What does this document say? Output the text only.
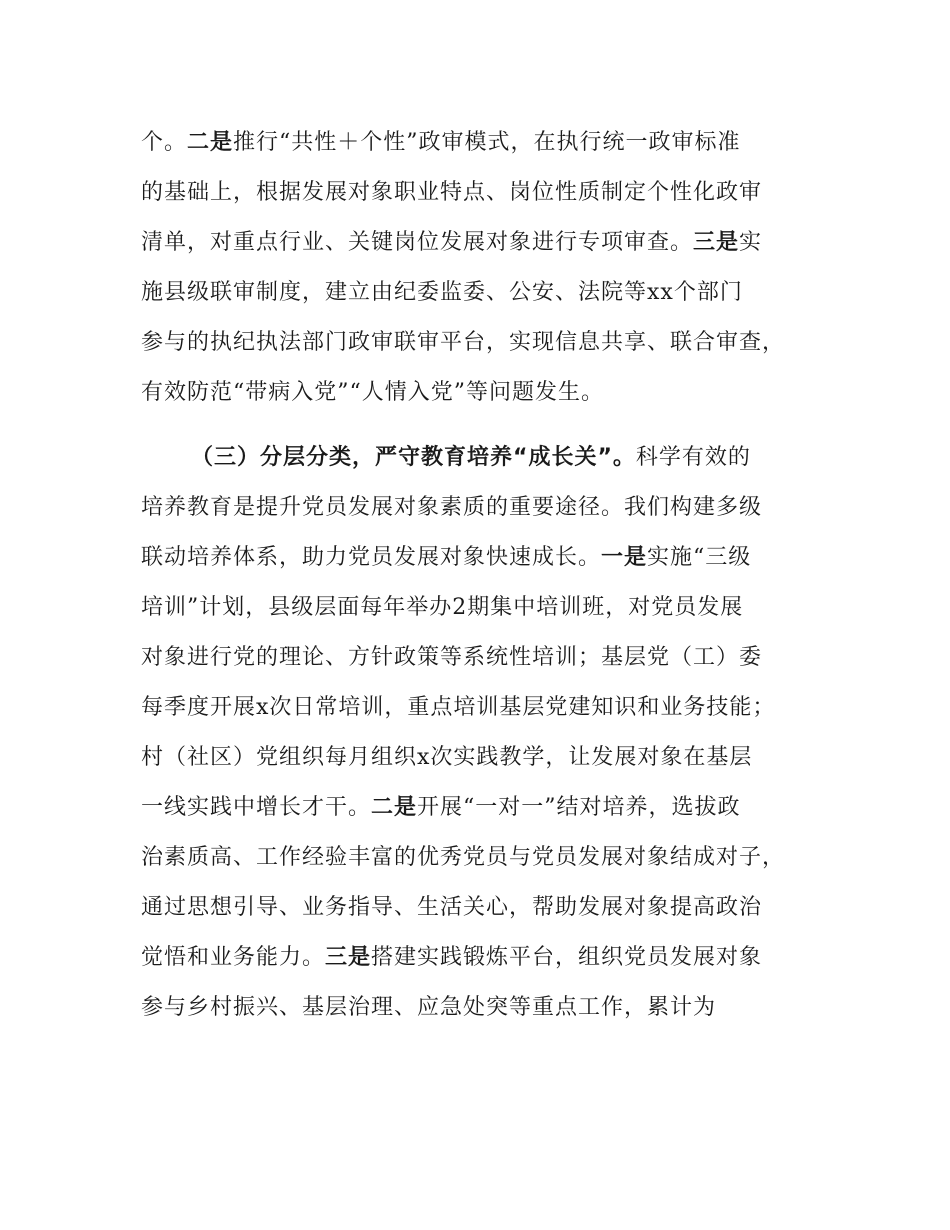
个。二是推行“共性＋个性”政审模式，在执行统一政审标准
的基础上，根据发展对象职业特点、岗位性质制定个性化政审
清单，对重点行业、关键岗位发展对象进行专项审查。三是实
施县级联审制度，建立由纪委监委、公安、法院等xx个部门
参与的执纪执法部门政审联审平台，实现信息共享、联合审查，
有效防范“带病入党”“人情入党”等问题发生。
（三）分层分类，严守教育培养“成长关”。科学有效的
培养教育是提升党员发展对象素质的重要途径。我们构建多级
联动培养体系，助力党员发展对象快速成长。一是实施“三级
培训”计划，县级层面每年举办2期集中培训班，对党员发展
对象进行党的理论、方针政策等系统性培训；基层党（工）委
每季度开展x次日常培训，重点培训基层党建知识和业务技能；
村（社区）党组织每月组织x次实践教学，让发展对象在基层
一线实践中增长才干。二是开展“一对一”结对培养，选拔政
治素质高、工作经验丰富的优秀党员与党员发展对象结成对子，
通过思想引导、业务指导、生活关心，帮助发展对象提高政治
觉悟和业务能力。三是搭建实践锻炼平台，组织党员发展对象
参与乡村振兴、基层治理、应急处突等重点工作，累计为
